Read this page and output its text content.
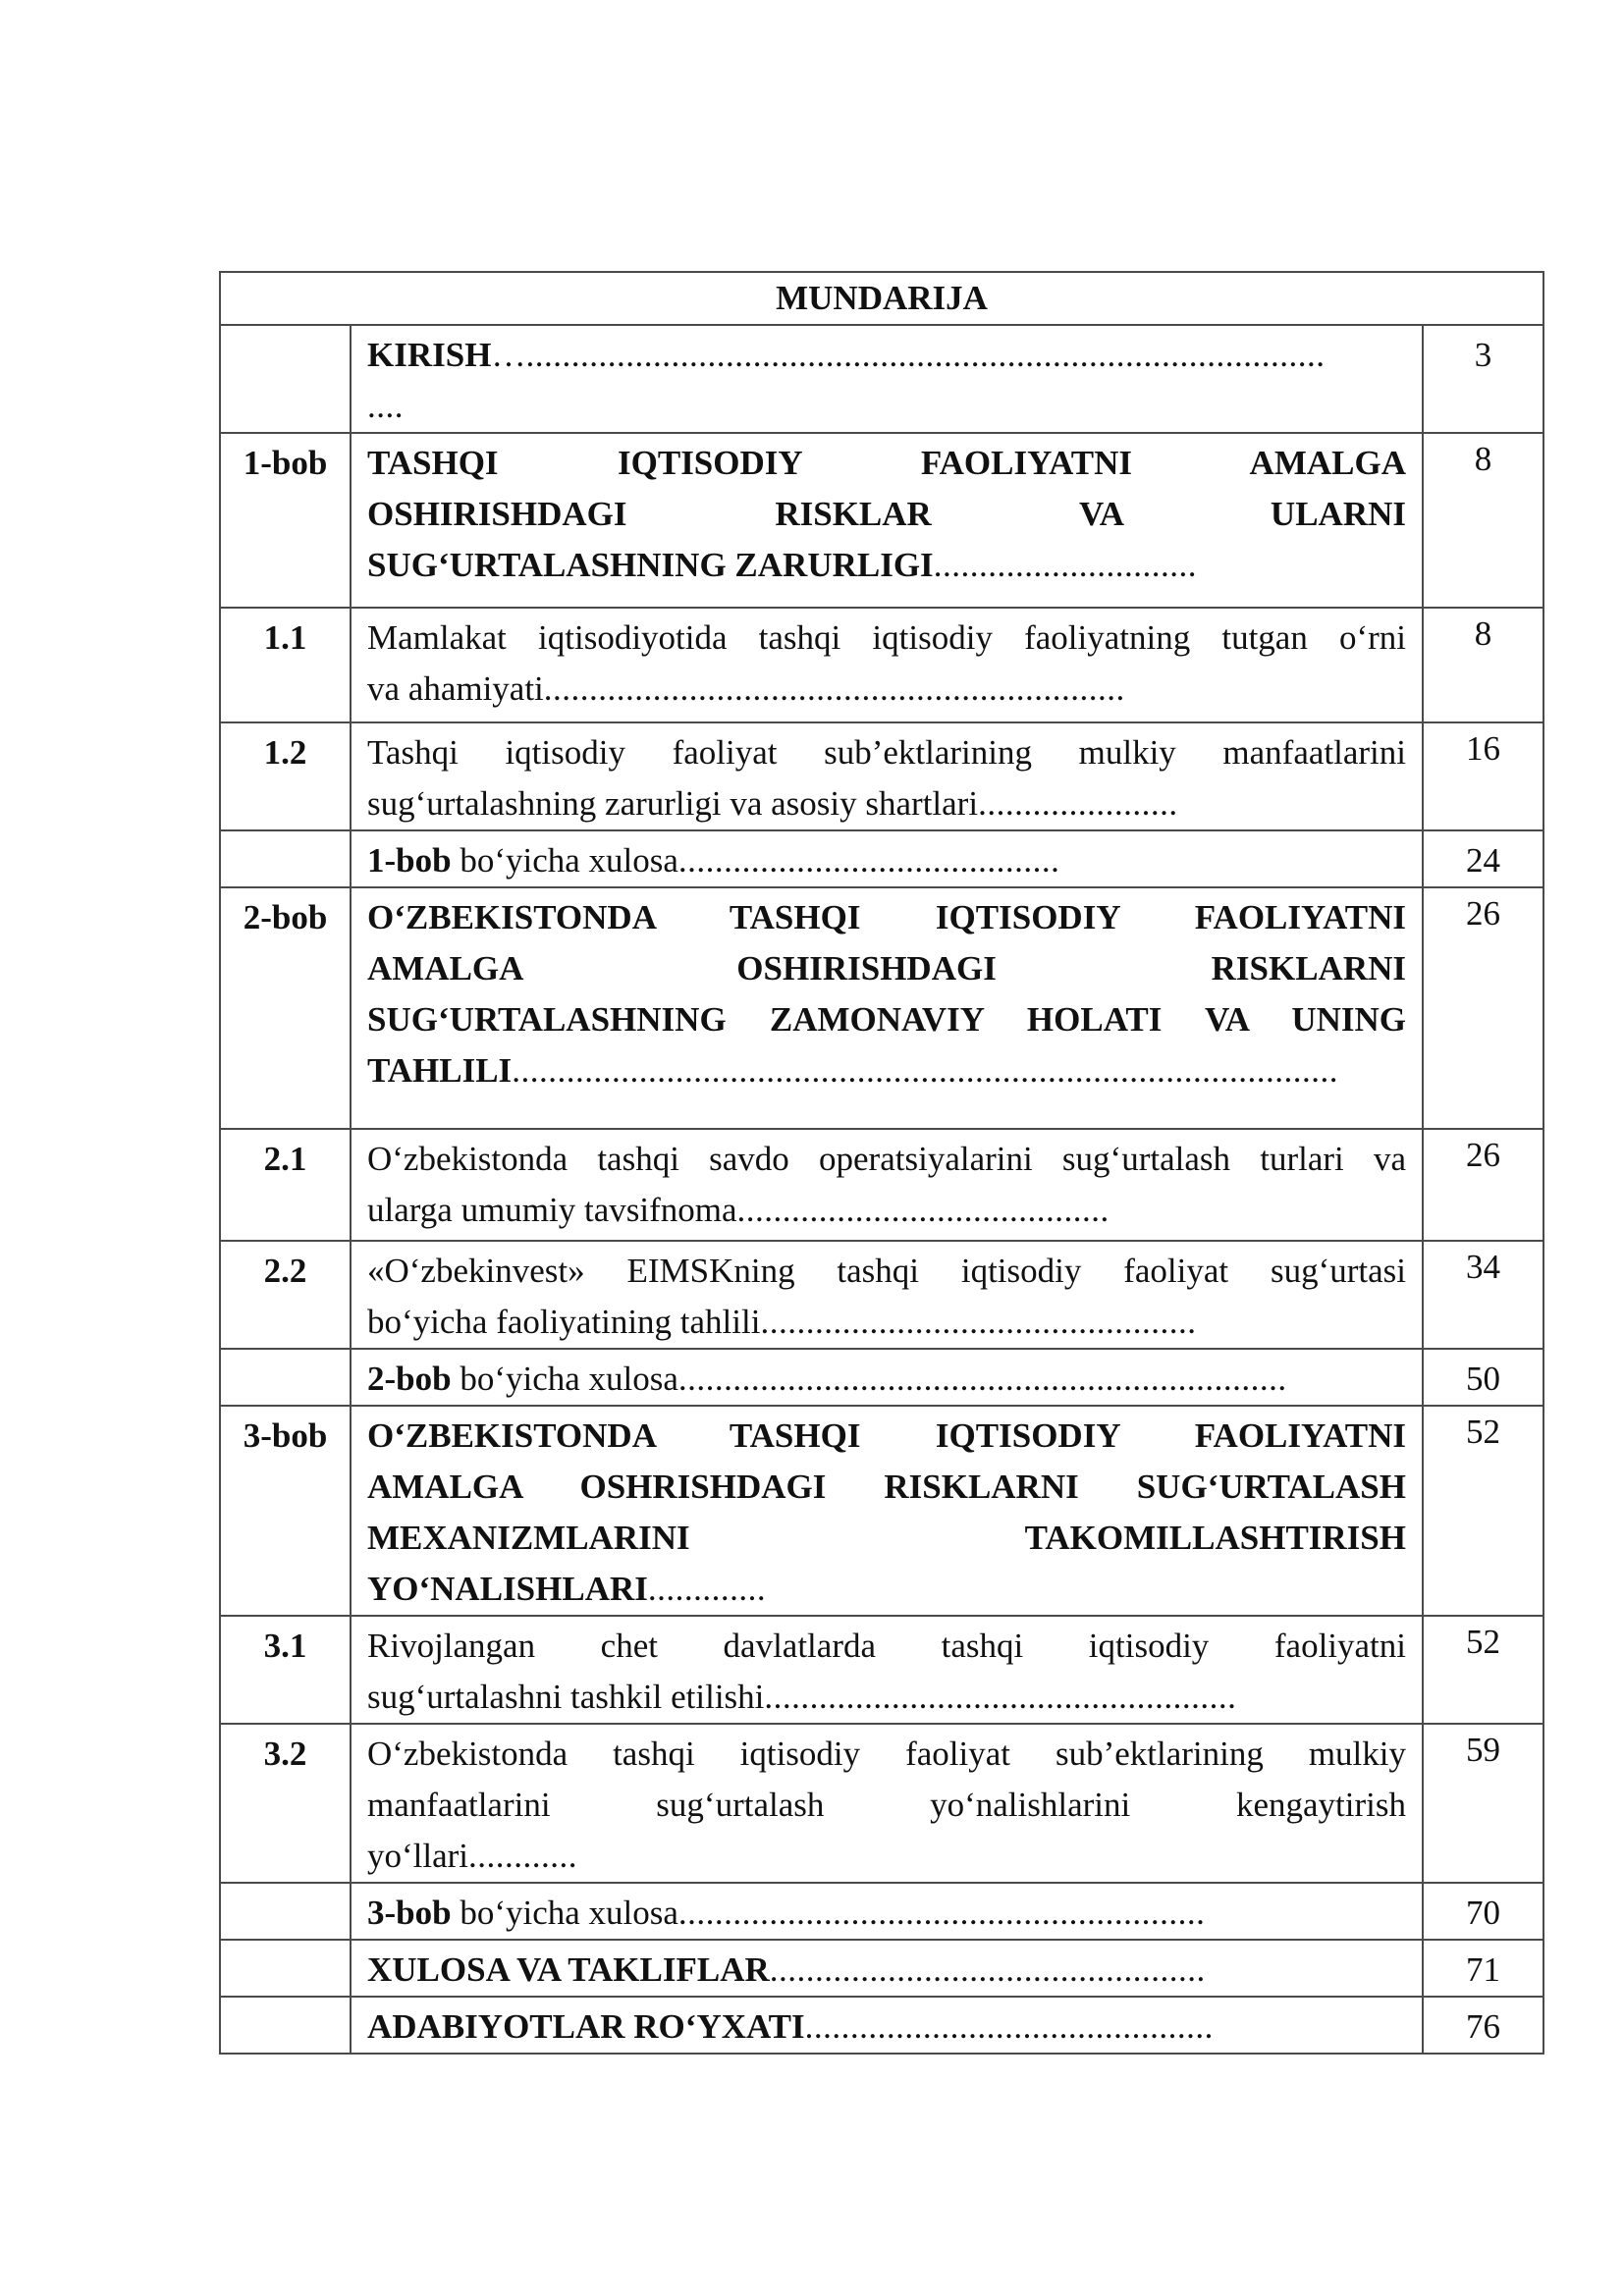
MUNDARIJA		

	KIRISH…........................................................................................
....	3
1-bob	TASHQI IQTISODIY FAOLIYATNI AMALGA
OSHIRISHDAGI RISKLAR VA ULARNI
SUG‘URTALASHNING ZARURLIGI.............................	8
1.1	Mamlakat iqtisodiyotida tashqi iqtisodiy faoliyatning tutgan o‘rni
va ahamiyati................................................................	8
1.2	Tashqi iqtisodiy faoliyat sub’ektlarining mulkiy manfaatlarini
sug‘urtalashning zarurligi va asosiy shartlari......................	16

	1-bob bo‘yicha xulosa..........................................	24
2-bob	O‘ZBEKISTONDA TASHQI IQTISODIY FAOLIYATNI
AMALGA OSHIRISHDAGI RISKLARNI
SUG‘URTALASHNING ZAMONAVIY HOLATI VA UNING
TAHLILI...........................................................................................	26
2.1	O‘zbekistonda tashqi savdo operatsiyalarini sug‘urtalash turlari va
ularga umumiy tavsifnoma.........................................	26
2.2	«O‘zbekinvest» EIMSKning tashqi iqtisodiy faoliyat sug‘urtasi
bo‘yicha faoliyatining tahlili................................................	34

	2-bob bo‘yicha xulosa...................................................................	50
3-bob	O‘ZBEKISTONDA TASHQI IQTISODIY FAOLIYATNI
AMALGA OSHRISHDAGI RISKLARNI SUG‘URTALASH
MEXANIZMLARINI TAKOMILLASHTIRISH
YO‘NALISHLARI.............	52
3.1	Rivojlangan chet davlatlarda tashqi iqtisodiy faoliyatni
sug‘urtalashni tashkil etilishi....................................................	52
3.2	O‘zbekistonda tashqi iqtisodiy faoliyat sub’ektlarining mulkiy
manfaatlarini sug‘urtalash yo‘nalishlarini kengaytirish
yo‘llari............	59

	3-bob bo‘yicha xulosa..........................................................	70

	XULOSA VA TAKLIFLAR................................................	71

	ADABIYOTLAR RO‘YXATI.............................................	76
